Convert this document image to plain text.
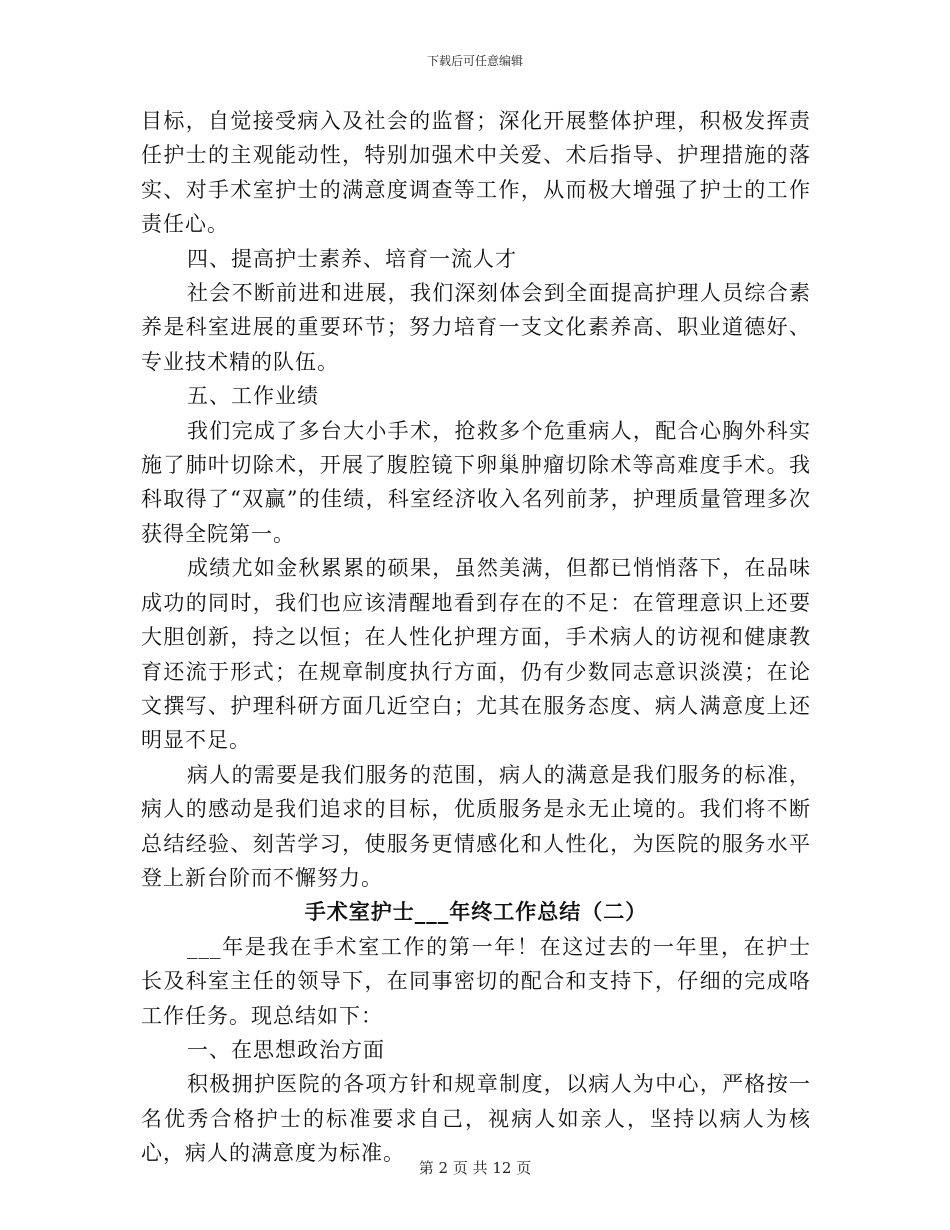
下载后可任意编辑

目标，自觉接受病入及社会的监督；深化开展整体护理，积极发挥责任护士的主观能动性，特别加强术中关爱、术后指导、护理措施的落实、对手术室护士的满意度调查等工作，从而极大增强了护士的工作责任心。

四、提高护士素养、培育一流人才

社会不断前进和进展，我们深刻体会到全面提高护理人员综合素养是科室进展的重要环节；努力培育一支文化素养高、职业道德好、专业技术精的队伍。

五、工作业绩

我们完成了多台大小手术，抢救多个危重病人，配合心胸外科实施了肺叶切除术，开展了腹腔镜下卵巢肿瘤切除术等高难度手术。我科取得了“双赢”的佳绩，科室经济收入名列前茅，护理质量管理多次获得全院第一。

成绩尤如金秋累累的硕果，虽然美满，但都已悄悄落下，在品味成功的同时，我们也应该清醒地看到存在的不足：在管理意识上还要大胆创新，持之以恒；在人性化护理方面，手术病人的访视和健康教育还流于形式；在规章制度执行方面，仍有少数同志意识淡漠；在论文撰写、护理科研方面几近空白；尤其在服务态度、病人满意度上还明显不足。

病人的需要是我们服务的范围，病人的满意是我们服务的标准，病人的感动是我们追求的目标，优质服务是永无止境的。我们将不断总结经验、刻苦学习，使服务更情感化和人性化，为医院的服务水平登上新台阶而不懈努力。

手术室护士___年终工作总结（二）

___年是我在手术室工作的第一年！在这过去的一年里，在护士长及科室主任的领导下，在同事密切的配合和支持下，仔细的完成咯工作任务。现总结如下：

一、在思想政治方面

积极拥护医院的各项方针和规章制度，以病人为中心，严格按一名优秀合格护士的标准要求自己，视病人如亲人，坚持以病人为核心，病人的满意度为标准。

第 2 页 共 12 页
